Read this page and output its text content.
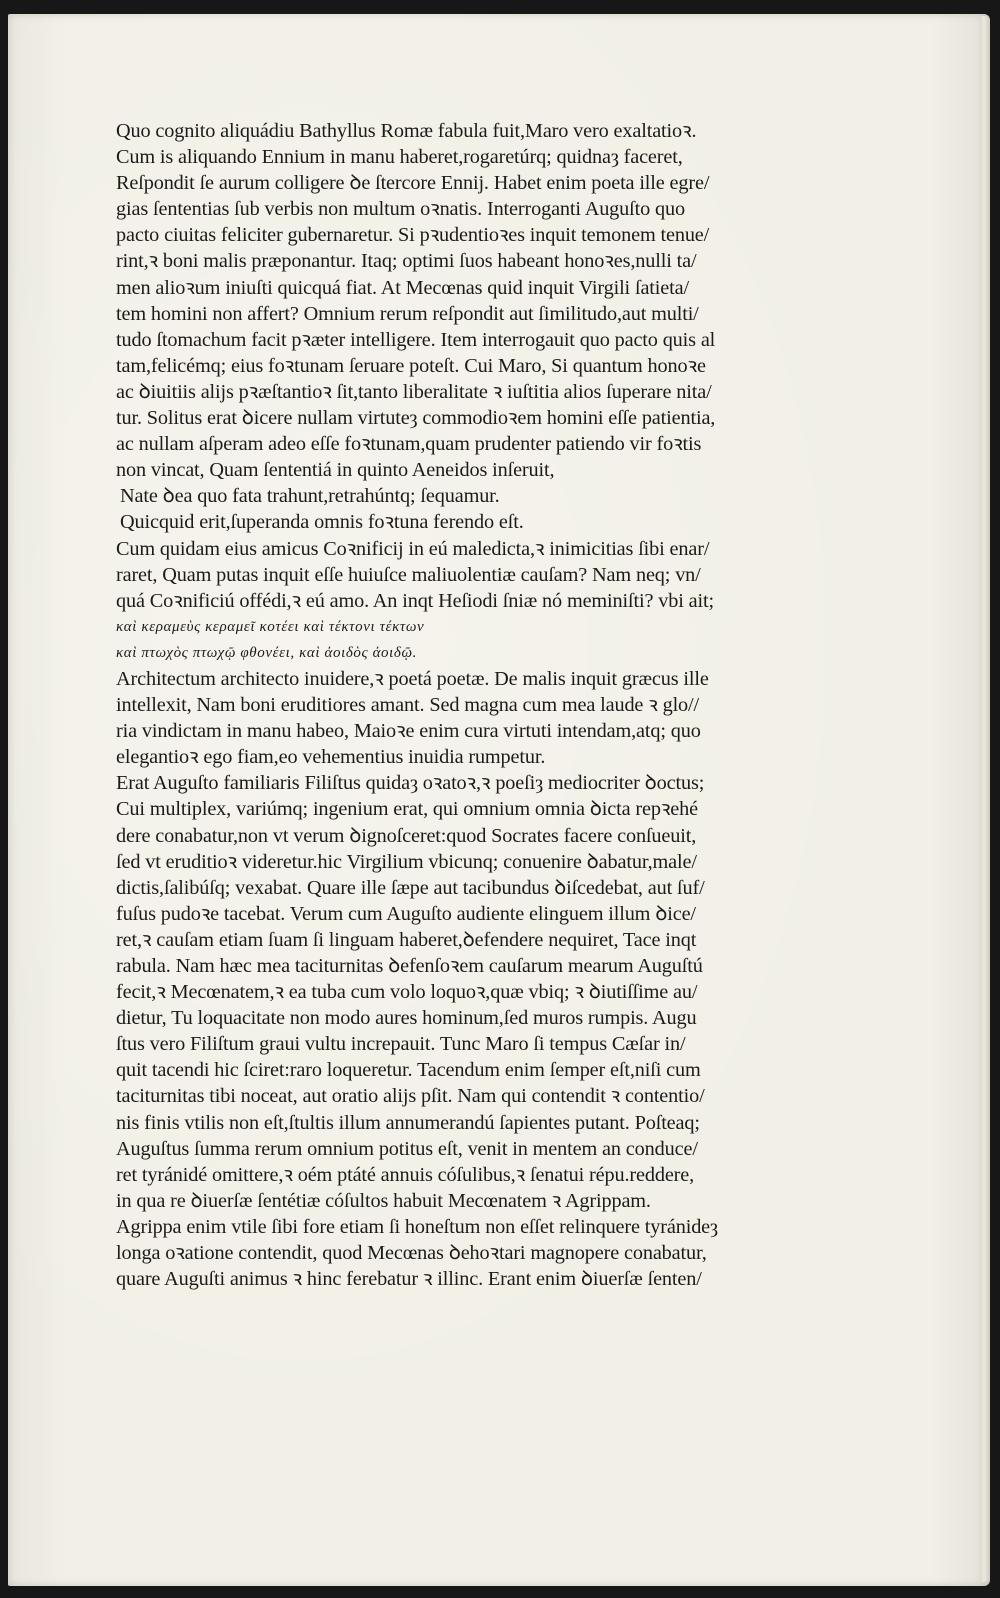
Quo cognito aliquádiu Bathyllus Romæ fabula fuit,Maro vero exaltatioꝛ.
Cum is aliquando Ennium in manu haberet,rogaretúrq; quidnaȝ faceret,
Reſpondit ſe aurum colligere ꝺe ſtercore Ennij. Habet enim poeta ille egre/
gias ſententias ſub verbis non multum oꝛnatis. Interroganti Auguſto quo
pacto ciuitas feliciter gubernaretur. Si pꝛudentioꝛes inquit temonem tenue/
rint,ꝛ boni malis præponantur. Itaq; optimi ſuos habeant honoꝛes,nulli ta/
men alioꝛum iniuſti quicquá fiat. At Mecœnas quid inquit Virgili ſatieta/
tem homini non affert? Omnium rerum reſpondit aut ſimilitudo,aut multi/
tudo ſtomachum facit pꝛæter intelligere. Item interrogauit quo pacto quis al
tam,felicémq; eius foꝛtunam ſeruare poteſt. Cui Maro, Si quantum honoꝛe
ac ꝺiuitiis alijs pꝛæſtantioꝛ ſit,tanto liberalitate ꝛ iuſtitia alios ſuperare nita/
tur. Solitus erat ꝺicere nullam virtuteȝ commodioꝛem homini eſſe patientia,
ac nullam aſperam adeo eſſe foꝛtunam,quam prudenter patiendo vir foꝛtis
non vincat, Quam ſententiá in quinto Aeneidos inſeruit,
Nate ꝺea quo fata trahunt,retrahúntq; ſequamur.
Quicquid erit,ſuperanda omnis foꝛtuna ferendo eſt.
Cum quidam eius amicus Coꝛnificij in eú maledicta,ꝛ inimicitias ſibi enar/
raret, Quam putas inquit eſſe huiuſce maliuolentiæ cauſam? Nam neq; vn/
quá Coꝛnificiú offédi,ꝛ eú amo. An inqt Heſiodi ſniæ nó meminiſti? vbi ait;
καὶ κεραμεὺς κεραμεῖ κοτέει καὶ τέκτονι τέκτων
καὶ πτωχὸς πτωχῷ φθονέει, καὶ ἀοιδὸς ἀοιδῷ.
Architectum architecto inuidere,ꝛ poetá poetæ. De malis inquit græcus ille
intellexit, Nam boni eruditiores amant. Sed magna cum mea laude ꝛ glo//
ria vindictam in manu habeo, Maioꝛe enim cura virtuti intendam,atq; quo
elegantioꝛ ego fiam,eo vehementius inuidia rumpetur.
Erat Auguſto familiaris Filiſtus quidaȝ oꝛatoꝛ,ꝛ poeſiȝ mediocriter ꝺoctus;
Cui multiplex, variúmq; ingenium erat, qui omnium omnia ꝺicta repꝛehé
dere conabatur,non vt verum ꝺignoſceret:quod Socrates facere conſueuit,
ſed vt eruditioꝛ videretur.hic Virgilium vbicunq; conuenire ꝺabatur,male/
dictis,ſalibúſq; vexabat. Quare ille ſæpe aut tacibundus ꝺiſcedebat, aut ſuf/
fuſus pudoꝛe tacebat. Verum cum Auguſto audiente elinguem illum ꝺice/
ret,ꝛ cauſam etiam ſuam ſi linguam haberet,ꝺefendere nequiret, Tace inqt
rabula. Nam hæc mea taciturnitas ꝺefenſoꝛem cauſarum mearum Auguſtú
fecit,ꝛ Mecœnatem,ꝛ ea tuba cum volo loquoꝛ,quæ vbiq; ꝛ ꝺiutiſſime au/
dietur, Tu loquacitate non modo aures hominum,ſed muros rumpis. Augu
ſtus vero Filiſtum graui vultu increpauit. Tunc Maro ſi tempus Cæſar in/
quit tacendi hic ſciret:raro loqueretur. Tacendum enim ſemper eſt,niſi cum
taciturnitas tibi noceat, aut oratio alijs pſit. Nam qui contendit ꝛ contentio/
nis finis vtilis non eſt,ſtultis illum annumerandú ſapientes putant. Poſteaq;
Auguſtus ſumma rerum omnium potitus eſt, venit in mentem an conduce/
ret tyránidé omittere,ꝛ oém ptáté annuis cóſulibus,ꝛ ſenatui répu.reddere,
in qua re ꝺiuerſæ ſentétiæ cóſultos habuit Mecœnatem ꝛ Agrippam.
Agrippa enim vtile ſibi fore etiam ſi honeſtum non eſſet relinquere tyránideȝ
longa oꝛatione contendit, quod Mecœnas ꝺehoꝛtari magnopere conabatur,
quare Auguſti animus ꝛ hinc ferebatur ꝛ illinc. Erant enim ꝺiuerſæ ſenten/
